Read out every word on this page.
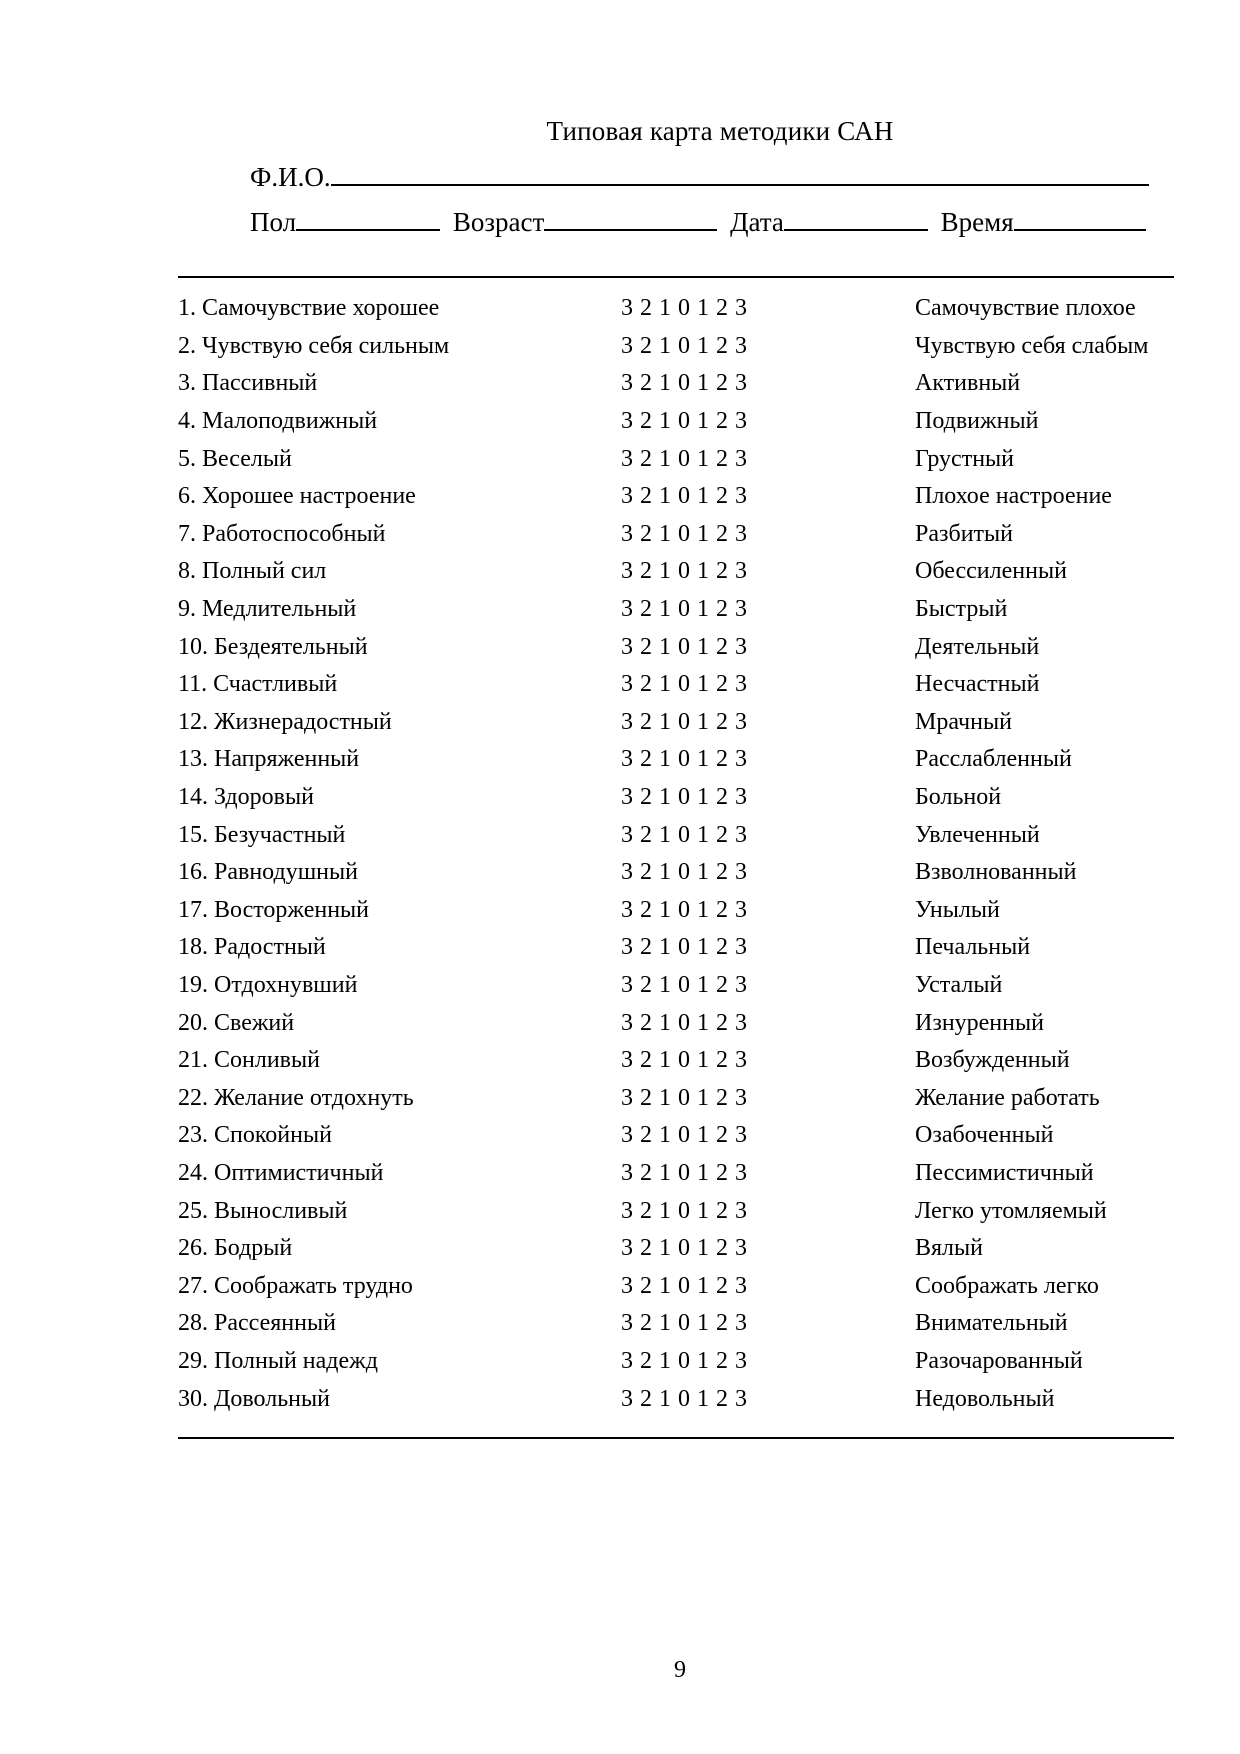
Типовая карта методики САН
Ф.И.О.
Пол	Возраст	Дата	Время
1. Самочувствие хорошее	3 2 1 0 1 2 3	Самочувствие плохое
2. Чувствую себя сильным	3 2 1 0 1 2 3	Чувствую себя слабым
3. Пассивный	3 2 1 0 1 2 3	Активный
4. Малоподвижный	3 2 1 0 1 2 3	Подвижный
5. Веселый	3 2 1 0 1 2 3	Грустный
6. Хорошее настроение	3 2 1 0 1 2 3	Плохое настроение
7. Работоспособный	3 2 1 0 1 2 3	Разбитый
8. Полный сил	3 2 1 0 1 2 3	Обессиленный
9. Медлительный	3 2 1 0 1 2 3	Быстрый
10. Бездеятельный	3 2 1 0 1 2 3	Деятельный
11. Счастливый	3 2 1 0 1 2 3	Несчастный
12. Жизнерадостный	3 2 1 0 1 2 3	Мрачный
13. Напряженный	3 2 1 0 1 2 3	Расслабленный
14. Здоровый	3 2 1 0 1 2 3	Больной
15. Безучастный	3 2 1 0 1 2 3	Увлеченный
16. Равнодушный	3 2 1 0 1 2 3	Взволнованный
17. Восторженный	3 2 1 0 1 2 3	Унылый
18. Радостный	3 2 1 0 1 2 3	Печальный
19. Отдохнувший	3 2 1 0 1 2 3	Усталый
20. Свежий	3 2 1 0 1 2 3	Изнуренный
21. Сонливый	3 2 1 0 1 2 3	Возбужденный
22. Желание отдохнуть	3 2 1 0 1 2 3	Желание работать
23. Спокойный	3 2 1 0 1 2 3	Озабоченный
24. Оптимистичный	3 2 1 0 1 2 3	Пессимистичный
25. Выносливый	3 2 1 0 1 2 3	Легко утомляемый
26. Бодрый	3 2 1 0 1 2 3	Вялый
27. Соображать трудно	3 2 1 0 1 2 3	Соображать легко
28. Рассеянный	3 2 1 0 1 2 3	Внимательный
29. Полный надежд	3 2 1 0 1 2 3	Разочарованный
30. Довольный	3 2 1 0 1 2 3	Недовольный
9
